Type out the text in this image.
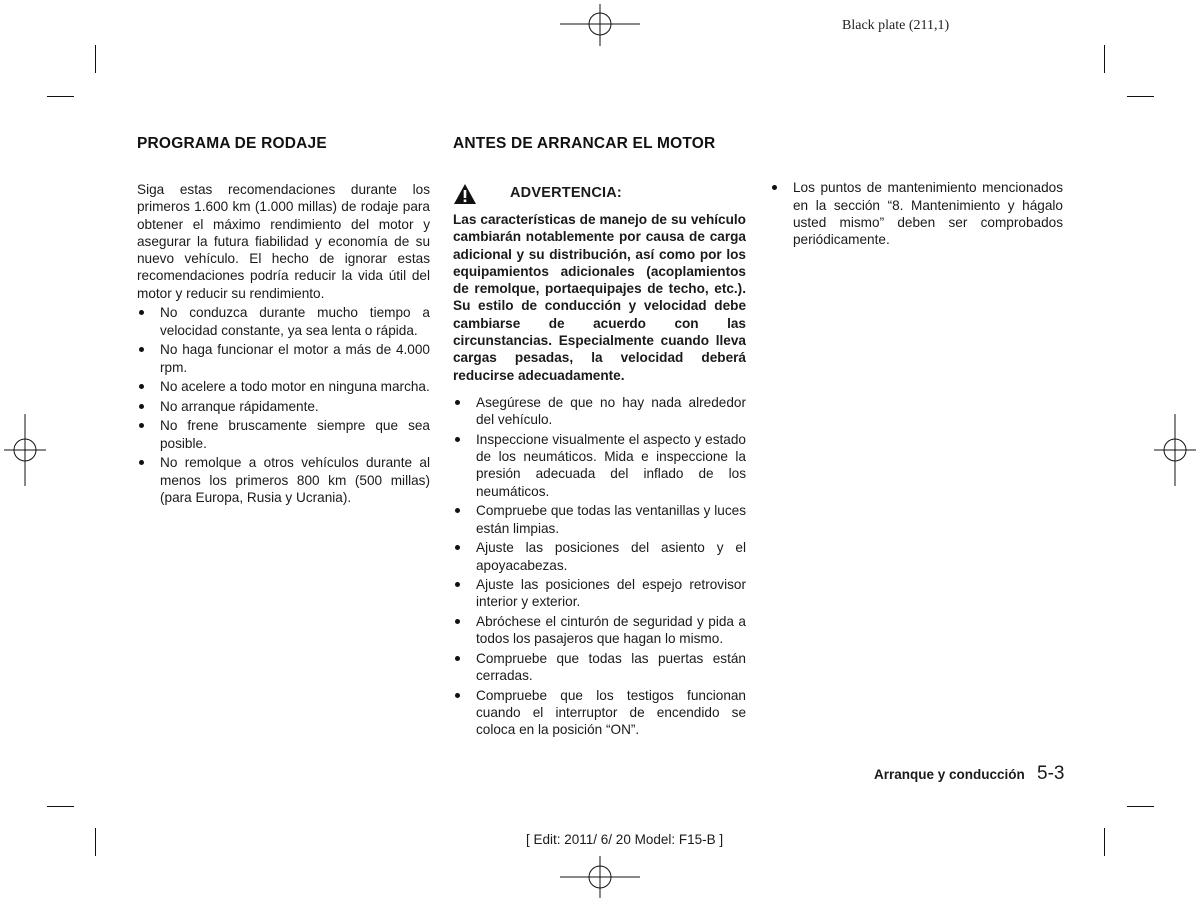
Black plate (211,1)
PROGRAMA DE RODAJE

Siga estas recomendaciones durante los primeros 1.600 km (1.000 millas) de rodaje para obtener el máximo rendimiento del motor y asegurar la futura fiabilidad y economía de su nuevo vehículo. El hecho de ignorar estas recomendaciones podría reducir la vida útil del motor y reducir su rendimiento.

No conduzca durante mucho tiempo a velocidad constante, ya sea lenta o rápida.
No haga funcionar el motor a más de 4.000 rpm.
No acelere a todo motor en ninguna marcha.
No arranque rápidamente.
No frene bruscamente siempre que sea posible.
No remolque a otros vehículos durante al menos los primeros 800 km (500 millas) (para Europa, Rusia y Ucrania).
ANTES DE ARRANCAR EL MOTOR
ADVERTENCIA:
Las características de manejo de su vehículo cambiarán notablemente por causa de carga adicional y su distribución, así como por los equipamientos adicionales (acoplamientos de remolque, portaequipajes de techo, etc.). Su estilo de conducción y velocidad debe cambiarse de acuerdo con las circunstancias. Especialmente cuando lleva cargas pesadas, la velocidad deberá reducirse adecuadamente.
Asegúrese de que no hay nada alrededor del vehículo.
Inspeccione visualmente el aspecto y estado de los neumáticos. Mida e inspeccione la presión adecuada del inflado de los neumáticos.
Compruebe que todas las ventanillas y luces están limpias.
Ajuste las posiciones del asiento y el apoyacabezas.
Ajuste las posiciones del espejo retrovisor interior y exterior.
Abróchese el cinturón de seguridad y pida a todos los pasajeros que hagan lo mismo.
Compruebe que todas las puertas están cerradas.
Compruebe que los testigos funcionan cuando el interruptor de encendido se coloca en la posición “ON”.
Los puntos de mantenimiento mencionados en la sección “8. Mantenimiento y hágalo usted mismo” deben ser comprobados periódicamente.
Arranque y conducción 5-3
[ Edit: 2011/ 6/ 20 Model: F15-B ]
